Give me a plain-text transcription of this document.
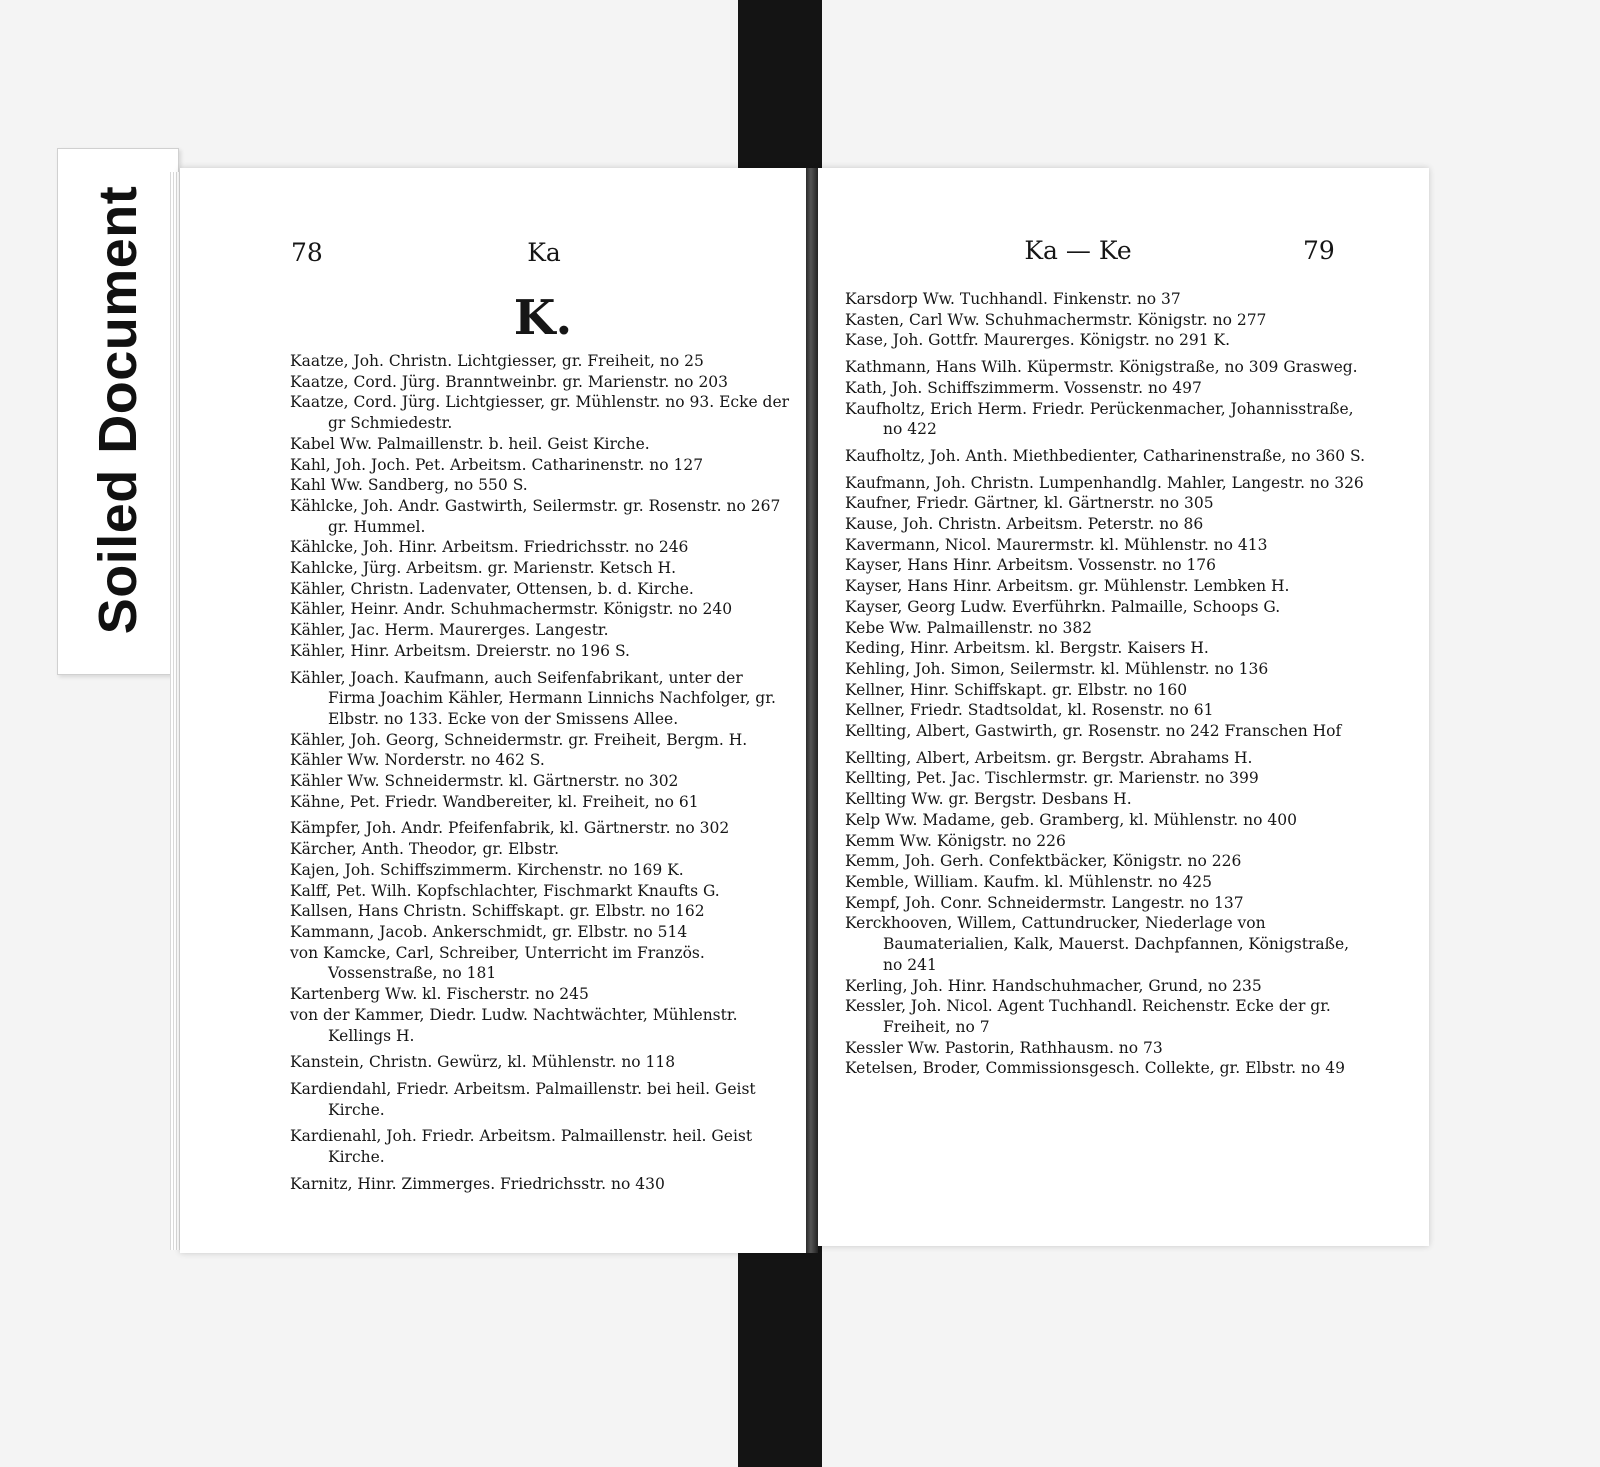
Soiled Document	78	Ka
K.
Ka — Ke	79
Kaatze, Joh. Christn. Lichtgiesser, gr. Freiheit, no 25
Kaatze, Cord. Jürg. Branntweinbr. gr. Marienstr. no 203
Kaatze, Cord. Jürg. Lichtgiesser, gr. Mühlenstr. no 93. Ecke der gr Schmiedestr.
Kabel Ww. Palmaillenstr. b. heil. Geist Kirche.
Kahl, Joh. Joch. Pet. Arbeitsm. Catharinenstr. no 127
Kahl Ww. Sandberg, no 550 S.
Kählcke, Joh. Andr. Gastwirth, Seilermstr. gr. Rosenstr. no 267 gr. Hummel.
Kählcke, Joh. Hinr. Arbeitsm. Friedrichsstr. no 246
Kahlcke, Jürg. Arbeitsm. gr. Marienstr. Ketsch H.
Kähler, Christn. Ladenvater, Ottensen, b. d. Kirche.
Kähler, Heinr. Andr. Schuhmachermstr. Königstr. no 240
Kähler, Jac. Herm. Maurerges. Langestr.
Kähler, Hinr. Arbeitsm. Dreierstr. no 196 S.
Kähler, Joach. Kaufmann, auch Seifenfabrikant, unter der Firma Joachim Kähler, Hermann Linnichs Nachfolger, gr. Elbstr. no 133. Ecke von der Smissens Allee.
Kähler, Joh. Georg, Schneidermstr. gr. Freiheit, Bergm. H.
Kähler Ww. Norderstr. no 462 S.
Kähler Ww. Schneidermstr. kl. Gärtnerstr. no 302
Kähne, Pet. Friedr. Wandbereiter, kl. Freiheit, no 61
Kämpfer, Joh. Andr. Pfeifenfabrik, kl. Gärtnerstr. no 302
Kärcher, Anth. Theodor, gr. Elbstr.
Kajen, Joh. Schiffszimmerm. Kirchenstr. no 169 K.
Kalff, Pet. Wilh. Kopfschlachter, Fischmarkt Knaufts G.
Kallsen, Hans Christn. Schiffskapt. gr. Elbstr. no 162
Kammann, Jacob. Ankerschmidt, gr. Elbstr. no 514
von Kamcke, Carl, Schreiber, Unterricht im Französ. Vossenstraße, no 181
Kartenberg Ww. kl. Fischerstr. no 245
von der Kammer, Diedr. Ludw. Nachtwächter, Mühlenstr. Kellings H.
Kanstein, Christn. Gewürz, kl. Mühlenstr. no 118
Kardiendahl, Friedr. Arbeitsm. Palmaillenstr. bei heil. Geist Kirche.
Kardienahl, Joh. Friedr. Arbeitsm. Palmaillenstr. heil. Geist Kirche.
Karnitz, Hinr. Zimmerges. Friedrichsstr. no 430
Karsdorp Ww. Tuchhandl. Finkenstr. no 37
Kasten, Carl Ww. Schuhmachermstr. Königstr. no 277
Kase, Joh. Gottfr. Maurerges. Königstr. no 291 K.
Kathmann, Hans Wilh. Küpermstr. Königstraße, no 309 Grasweg.
Kath, Joh. Schiffszimmerm. Vossenstr. no 497
Kaufholtz, Erich Herm. Friedr. Perückenmacher, Johannisstraße, no 422
Kaufholtz, Joh. Anth. Miethbedienter, Catharinenstraße, no 360 S.
Kaufmann, Joh. Christn. Lumpenhandlg. Mahler, Langestr. no 326
Kaufner, Friedr. Gärtner, kl. Gärtnerstr. no 305
Kause, Joh. Christn. Arbeitsm. Peterstr. no 86
Kavermann, Nicol. Maurermstr. kl. Mühlenstr. no 413
Kayser, Hans Hinr. Arbeitsm. Vossenstr. no 176
Kayser, Hans Hinr. Arbeitsm. gr. Mühlenstr. Lembken H.
Kayser, Georg Ludw. Everführkn. Palmaille, Schoops G.
Kebe Ww. Palmaillenstr. no 382
Keding, Hinr. Arbeitsm. kl. Bergstr. Kaisers H.
Kehling, Joh. Simon, Seilermstr. kl. Mühlenstr. no 136
Kellner, Hinr. Schiffskapt. gr. Elbstr. no 160
Kellner, Friedr. Stadtsoldat, kl. Rosenstr. no 61
Kellting, Albert, Gastwirth, gr. Rosenstr. no 242 Franschen Hof
Kellting, Albert, Arbeitsm. gr. Bergstr. Abrahams H.
Kellting, Pet. Jac. Tischlermstr. gr. Marienstr. no 399
Kellting Ww. gr. Bergstr. Desbans H.
Kelp Ww. Madame, geb. Gramberg, kl. Mühlenstr. no 400
Kemm Ww. Königstr. no 226
Kemm, Joh. Gerh. Confektbäcker, Königstr. no 226
Kemble, William. Kaufm. kl. Mühlenstr. no 425
Kempf, Joh. Conr. Schneidermstr. Langestr. no 137
Kerckhooven, Willem, Cattundrucker, Niederlage von Baumaterialien, Kalk, Mauerst. Dachpfannen, Königstraße, no 241
Kerling, Joh. Hinr. Handschuhmacher, Grund, no 235
Kessler, Joh. Nicol. Agent Tuchhandl. Reichenstr. Ecke der gr. Freiheit, no 7
Kessler Ww. Pastorin, Rathhausm. no 73
Ketelsen, Broder, Commissionsgesch. Collekte, gr. Elbstr. no 49
